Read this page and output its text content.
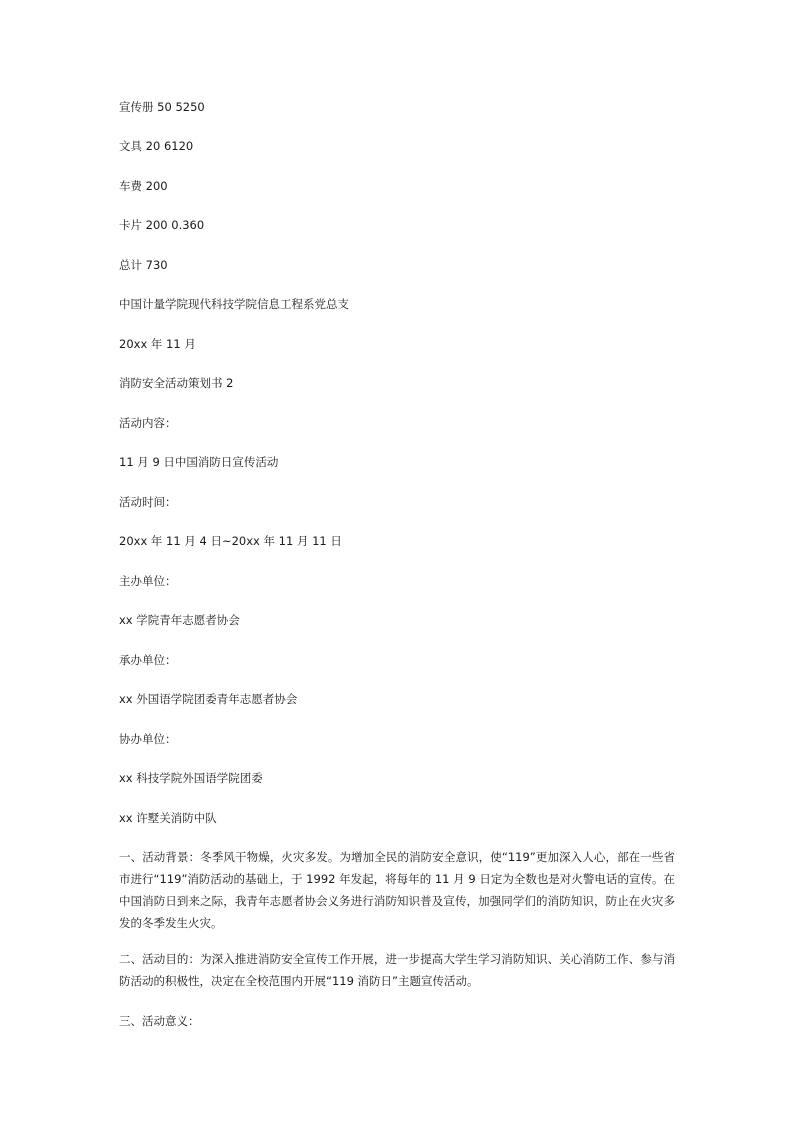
宣传册 50 5250
文具 20 6120
车费 200
卡片 200 0.360
总计 730
中国计量学院现代科技学院信息工程系党总支
20xx 年 11 月
消防安全活动策划书 2
活动内容：
11 月 9 日中国消防日宣传活动
活动时间：
20xx 年 11 月 4 日~20xx 年 11 月 11 日
主办单位：
xx 学院青年志愿者协会
承办单位：
xx 外国语学院团委青年志愿者协会
协办单位：
xx 科技学院外国语学院团委
xx 许墅关消防中队
一、活动背景：冬季风干物燥，火灾多发。为增加全民的消防安全意识，使“119”更加深入人心，部在一些省市进行“119”消防活动的基础上，于 1992 年发起，将每年的 11 月 9 日定为全数也是对火警电话的宣传。在中国消防日到来之际，我青年志愿者协会义务进行消防知识普及宣传，加强同学们的消防知识，防止在火灾多发的冬季发生火灾。
二、活动目的：为深入推进消防安全宣传工作开展，进一步提高大学生学习消防知识、关心消防工作、参与消防活动的积极性，决定在全校范围内开展“119 消防日”主题宣传活动。
三、活动意义：
